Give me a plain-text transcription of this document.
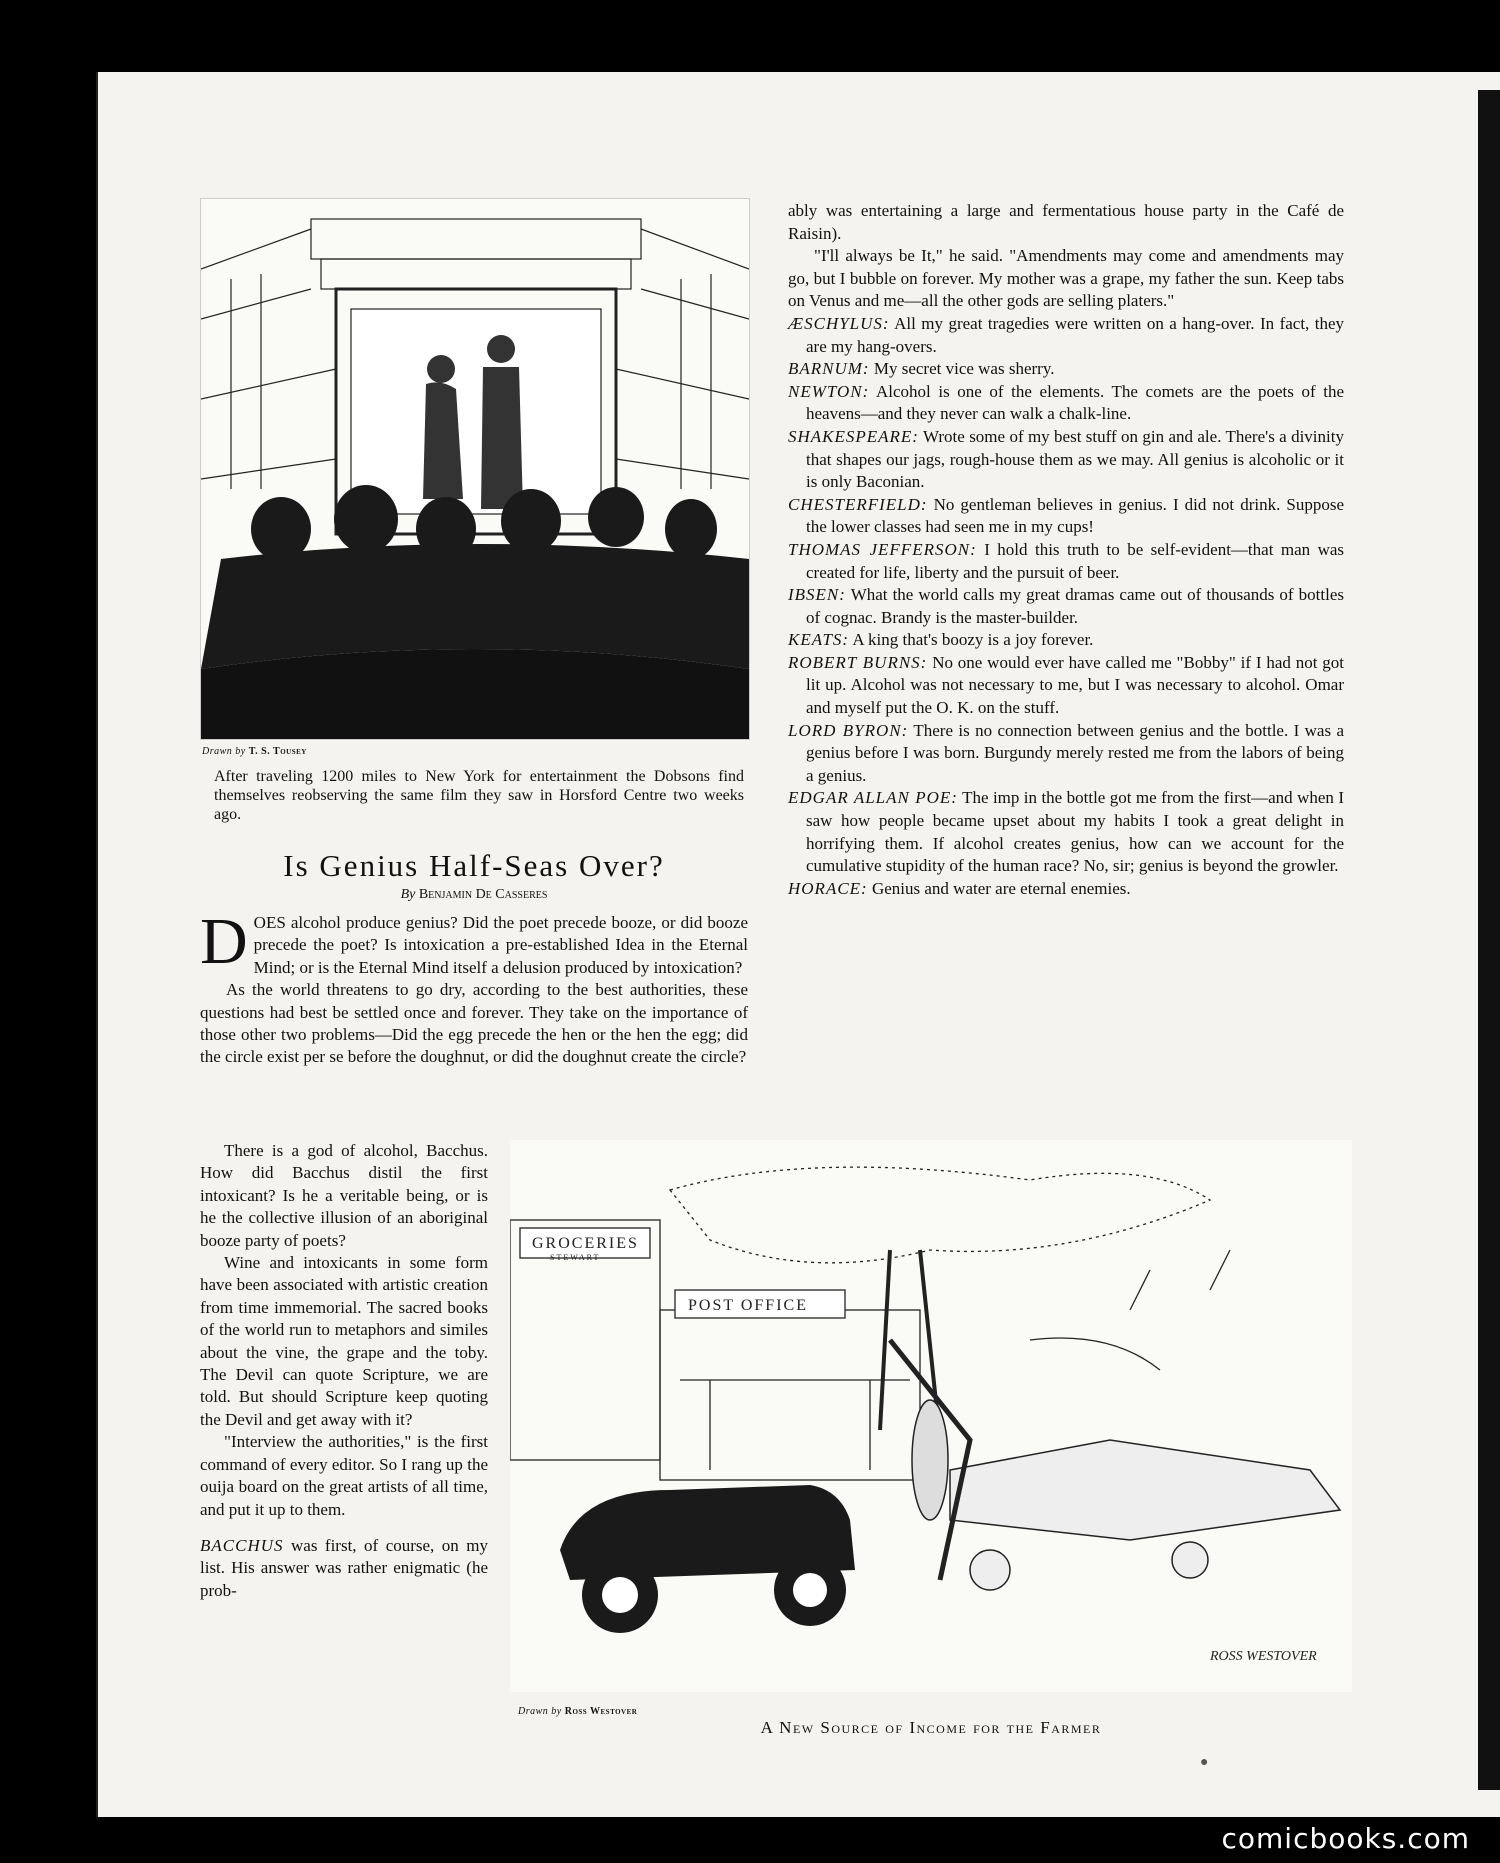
Drawn by T. S. Tousey
After traveling 1200 miles to New York for entertainment the Dobsons find themselves reobserving the same film they saw in Horsford Centre two weeks ago.
Is Genius Half-Seas Over?
By Benjamin De Casseres

DOES alcohol produce genius? Did the poet precede booze, or did booze precede the poet? Is intoxication a pre-established Idea in the Eternal Mind; or is the Eternal Mind itself a delusion produced by intoxication?

As the world threatens to go dry, according to the best authorities, these questions had best be settled once and forever. They take on the importance of those other two problems—Did the egg precede the hen or the hen the egg; did the circle exist per se before the doughnut, or did the doughnut create the circle?

There is a god of alcohol, Bacchus. How did Bacchus distil the first intoxicant? Is he a veritable being, or is he the collective illusion of an aboriginal booze party of poets?

Wine and intoxicants in some form have been associated with artistic creation from time immemorial. The sacred books of the world run to metaphors and similes about the vine, the grape and the toby. The Devil can quote Scripture, we are told. But should Scripture keep quoting the Devil and get away with it?

"Interview the authorities," is the first command of every editor. So I rang up the ouija board on the great artists of all time, and put it up to them.

BACCHUS was first, of course, on my list. His answer was rather enigmatic (he prob-

ably was entertaining a large and fermentatious house party in the Café de Raisin).

"I'll always be It," he said. "Amendments may come and amendments may go, but I bubble on forever. My mother was a grape, my father the sun. Keep tabs on Venus and me—all the other gods are selling platers."

ÆSCHYLUS: All my great tragedies were written on a hang-over. In fact, they are my hang-overs.

BARNUM: My secret vice was sherry.

NEWTON: Alcohol is one of the elements. The comets are the poets of the heavens—and they never can walk a chalk-line.

SHAKESPEARE: Wrote some of my best stuff on gin and ale. There's a divinity that shapes our jags, rough-house them as we may. All genius is alcoholic or it is only Baconian.

CHESTERFIELD: No gentleman believes in genius. I did not drink. Suppose the lower classes had seen me in my cups!

THOMAS JEFFERSON: I hold this truth to be self-evident—that man was created for life, liberty and the pursuit of beer.

IBSEN: What the world calls my great dramas came out of thousands of bottles of cognac. Brandy is the master-builder.

KEATS: A king that's boozy is a joy forever.

ROBERT BURNS: No one would ever have called me "Bobby" if I had not got lit up. Alcohol was not necessary to me, but I was necessary to alcohol. Omar and myself put the O. K. on the stuff.

LORD BYRON: There is no connection between genius and the bottle. I was a genius before I was born. Burgundy merely rested me from the labors of being a genius.

EDGAR ALLAN POE: The imp in the bottle got me from the first—and when I saw how people became upset about my habits I took a great delight in horrifying them. If alcohol creates genius, how can we account for the cumulative stupidity of the human race? No, sir; genius is beyond the growler.

HORACE: Genius and water are eternal enemies.

GROCERIES
STEWART
POST OFFICE
ROSS WESTOVER
Drawn by Ross Westover
A New Source of Income for the Farmer
●
comicbooks.com
